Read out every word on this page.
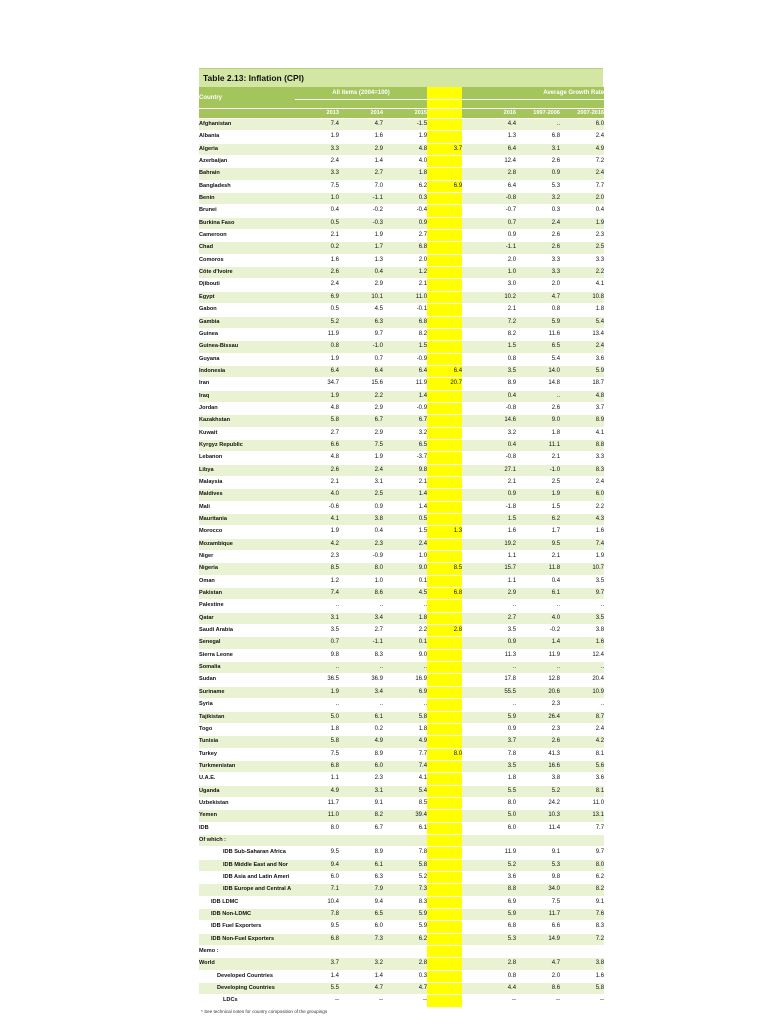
Table 2.13: Inflation (CPI)
Country	All items (2004=100)					Average Growth Rate		

	2013	2014	2015			2016	1997-2006	2007-2016
Afghanistan	7.4	4.7	-1.5			4.4	..	6.0
Albania	1.9	1.6	1.9			1.3	6.8	2.4
Algeria	3.3	2.9	4.8	3.7		6.4	3.1	4.9
Azerbaijan	2.4	1.4	4.0			12.4	2.6	7.2
Bahrain	3.3	2.7	1.8			2.8	0.9	2.4
Bangladesh	7.5	7.0	6.2	6.9		6.4	5.3	7.7
Benin	1.0	-1.1	0.3			-0.8	3.2	2.0
Brunei	0.4	-0.2	-0.4			-0.7	0.3	0.4
Burkina Faso	0.5	-0.3	0.9			0.7	2.4	1.9
Cameroon	2.1	1.9	2.7			0.9	2.6	2.3
Chad	0.2	1.7	6.8			-1.1	2.6	2.5
Comoros	1.6	1.3	2.0			2.0	3.3	3.3
Côte d'Ivoire	2.6	0.4	1.2			1.0	3.3	2.2
Djibouti	2.4	2.9	2.1			3.0	2.0	4.1
Egypt	6.9	10.1	11.0			10.2	4.7	10.8
Gabon	0.5	4.5	-0.1			2.1	0.8	1.8
Gambia	5.2	6.3	6.8			7.2	5.9	5.4
Guinea	11.9	9.7	8.2			8.2	11.6	13.4
Guinea-Bissau	0.8	-1.0	1.5			1.5	6.5	2.4
Guyana	1.9	0.7	-0.9			0.8	5.4	3.6
Indonesia	6.4	6.4	6.4	6.4		3.5	14.0	5.9
Iran	34.7	15.6	11.9	20.7		8.9	14.8	18.7
Iraq	1.9	2.2	1.4			0.4	..	4.8
Jordan	4.8	2.9	-0.9			-0.8	2.6	3.7
Kazakhstan	5.8	6.7	6.7			14.6	9.0	8.9
Kuwait	2.7	2.9	3.2			3.2	1.8	4.1
Kyrgyz Republic	6.6	7.5	6.5			0.4	11.1	8.8
Lebanon	4.8	1.9	-3.7			-0.8	2.1	3.3
Libya	2.6	2.4	9.8			27.1	-1.0	8.3
Malaysia	2.1	3.1	2.1			2.1	2.5	2.4
Maldives	4.0	2.5	1.4			0.9	1.9	6.0
Mali	-0.6	0.9	1.4			-1.8	1.5	2.2
Mauritania	4.1	3.8	0.5			1.5	6.2	4.3
Morocco	1.9	0.4	1.5	1.3		1.6	1.7	1.6
Mozambique	4.2	2.3	2.4			19.2	9.5	7.4
Niger	2.3	-0.9	1.0			1.1	2.1	1.9
Nigeria	8.5	8.0	9.0	8.5		15.7	11.8	10.7
Oman	1.2	1.0	0.1			1.1	0.4	3.5
Pakistan	7.4	8.6	4.5	6.8		2.9	6.1	9.7
Palestine	..	..	..			..	..	..
Qatar	3.1	3.4	1.8			2.7	4.0	3.5
Saudi Arabia	3.5	2.7	2.2	2.8		3.5	-0.2	3.8
Senegal	0.7	-1.1	0.1			0.9	1.4	1.6
Sierra Leone	9.8	8.3	9.0			11.3	11.9	12.4
Somalia	..	..	..			..	..	..
Sudan	36.5	36.9	16.9			17.8	12.8	20.4
Suriname	1.9	3.4	6.9			55.5	20.6	10.9
Syria	..	..	..			..	2.3	..
Tajikistan	5.0	6.1	5.8			5.9	26.4	8.7
Togo	1.8	0.2	1.8			0.9	2.3	2.4
Tunisia	5.8	4.9	4.9			3.7	2.6	4.2
Turkey	7.5	8.9	7.7	8.0		7.8	41.3	8.1
Turkmenistan	6.8	6.0	7.4			3.5	16.6	5.6
U.A.E.	1.1	2.3	4.1			1.8	3.8	3.6
Uganda	4.9	3.1	5.4			5.5	5.2	8.1
Uzbekistan	11.7	9.1	8.5			8.0	24.2	11.0
Yemen	11.0	8.2	39.4			5.0	10.3	13.1
IDB	8.0	6.7	6.1			6.0	11.4	7.7
Of which :								
IDB Sub-Saharan Africa	9.5	8.9	7.8			11.9	9.1	9.7
IDB Middle East and Nor	9.4	6.1	5.8			5.2	5.3	8.0
IDB Asia and Latin Ameri	6.0	6.3	5.2			3.6	9.8	6.2
IDB Europe and Central A	7.1	7.9	7.3			8.8	34.0	8.2
IDB LDMC	10.4	9.4	8.3			6.9	7.5	9.1
IDB Non-LDMC	7.8	6.5	5.9			5.9	11.7	7.6
IDB Fuel Exporters	9.5	6.0	5.9			6.8	6.6	8.3
IDB Non-Fuel Exporters	6.8	7.3	6.2			5.3	14.9	7.2
Memo :								
World	3.7	3.2	2.8			2.8	4.7	3.8
Developed Countries	1.4	1.4	0.3			0.8	2.0	1.6
Developing Countries	5.5	4.7	4.7			4.4	8.6	5.8
LDCs	--	--	--			--	--	--
* See technical notes for country composition of the groupings
